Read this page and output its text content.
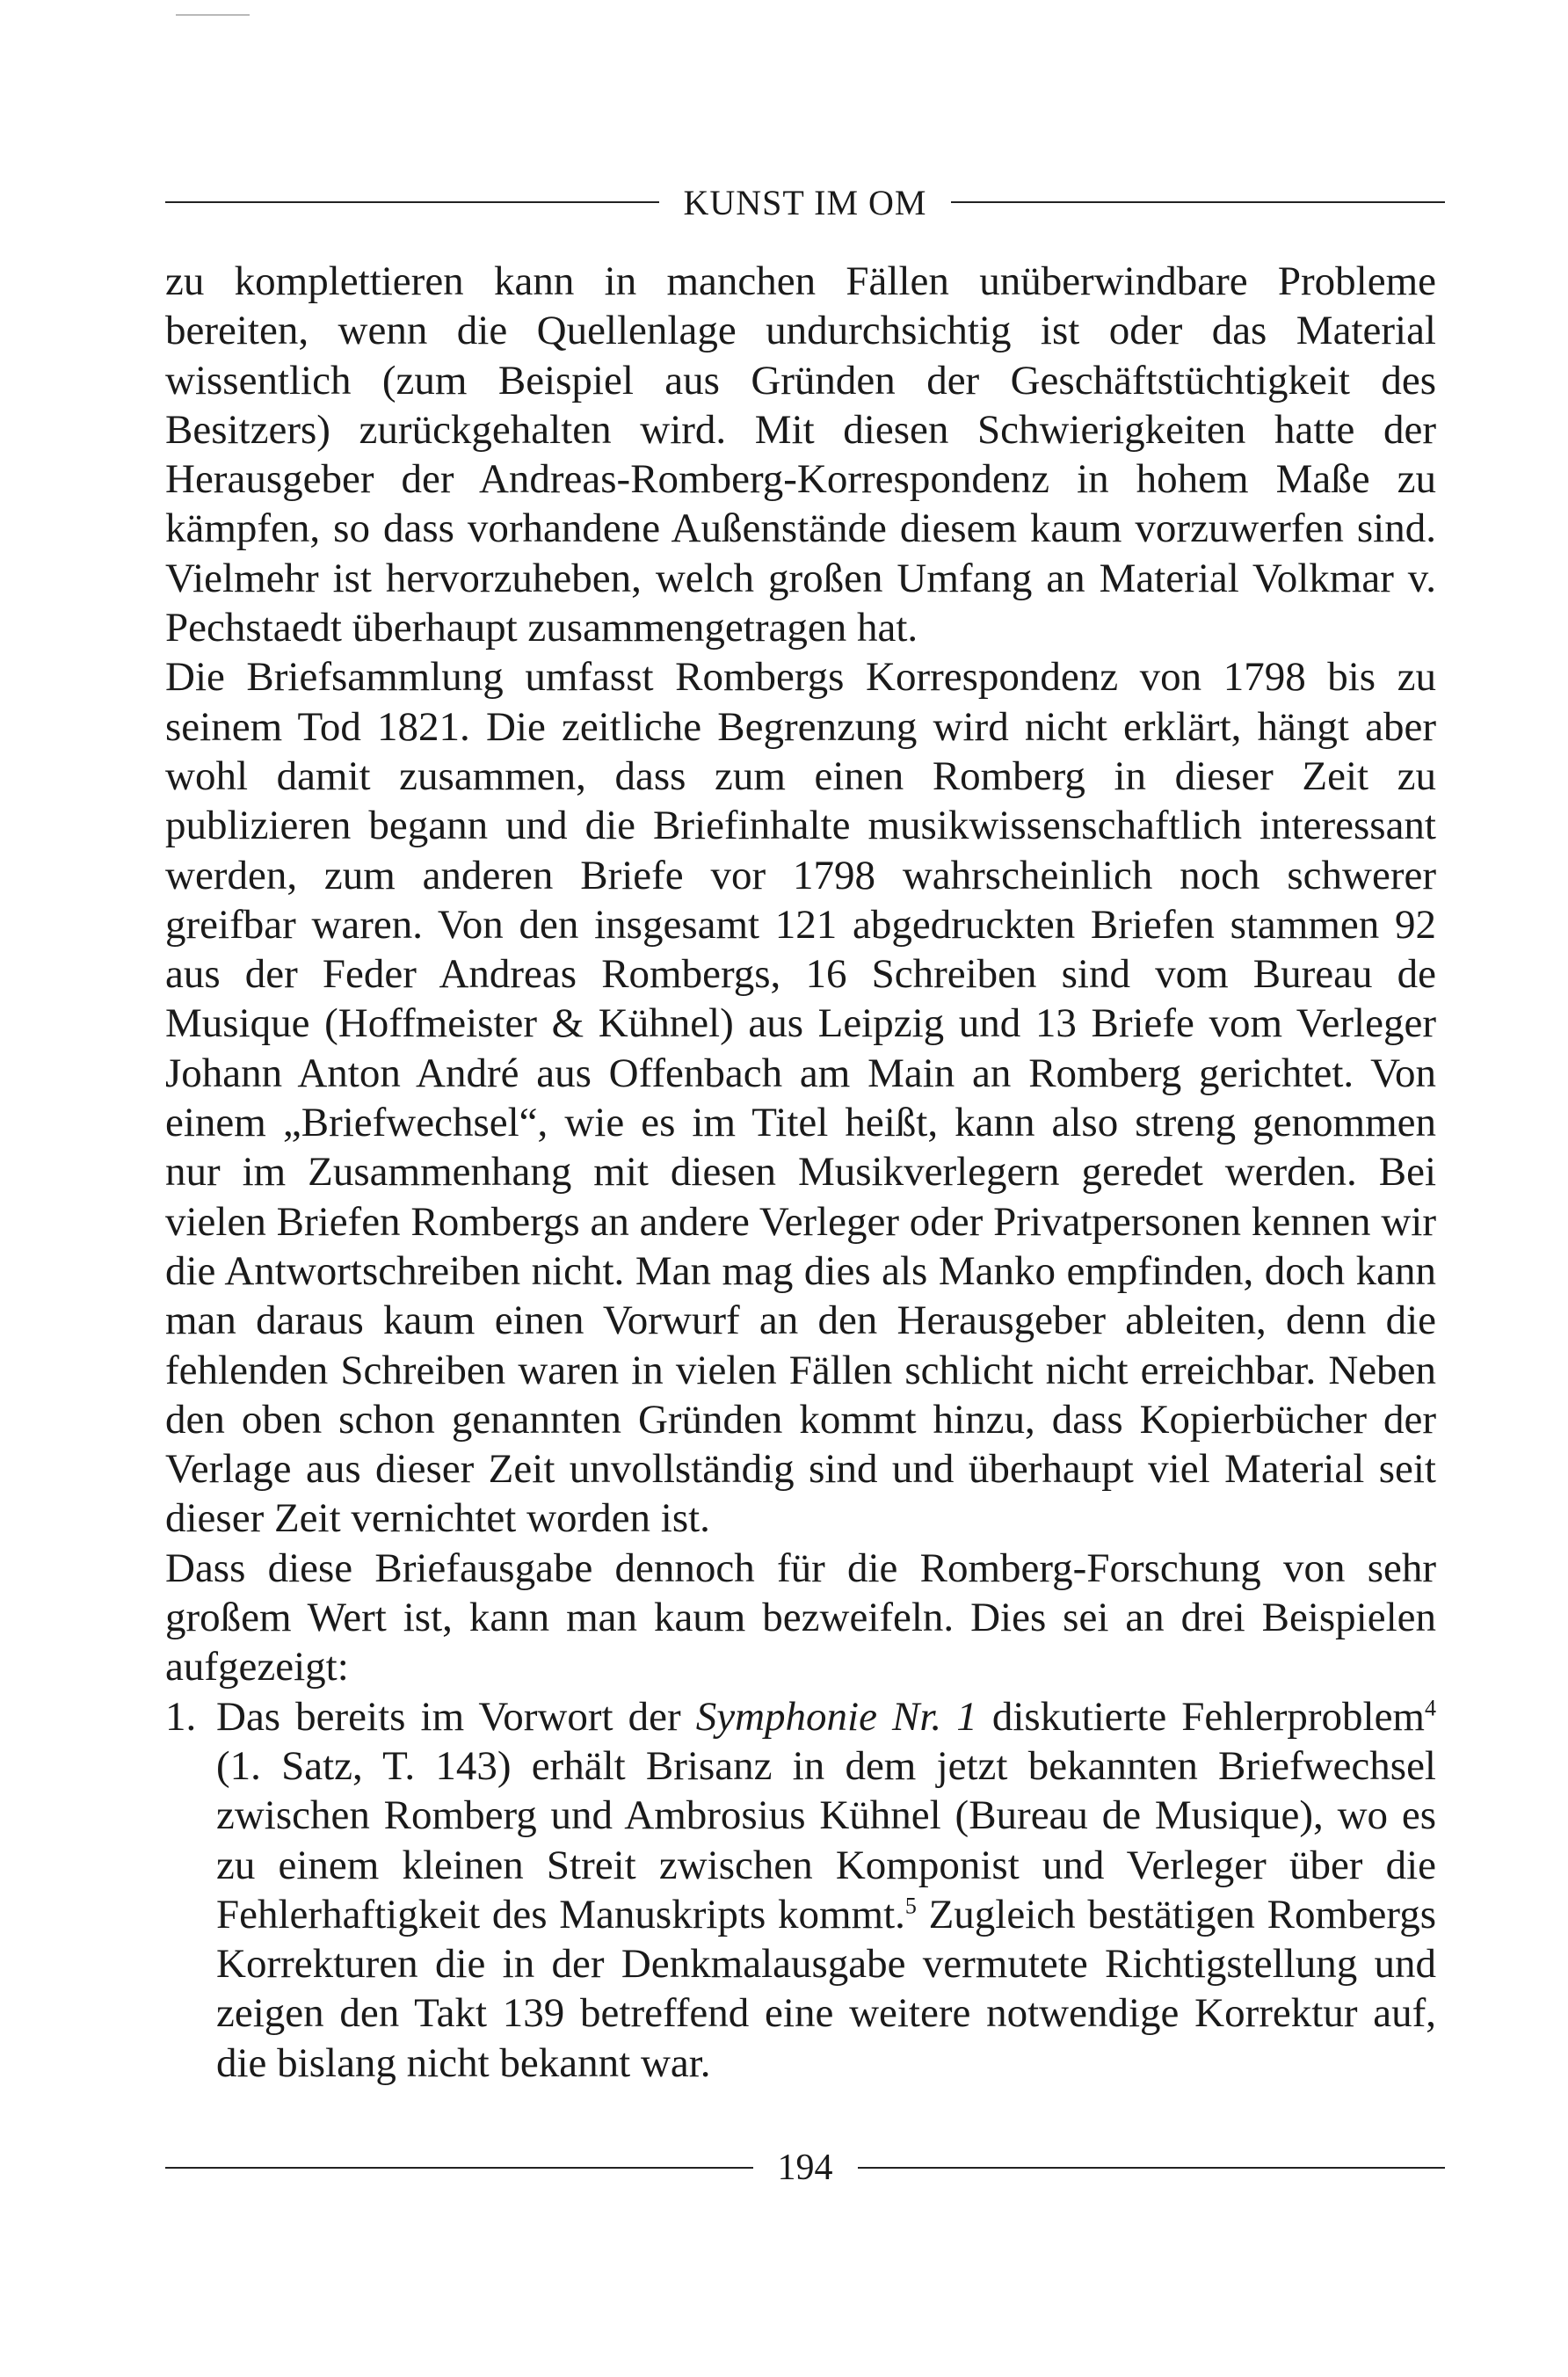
KUNST IM OM

zu komplettieren kann in manchen Fällen unüberwindbare Probleme bereiten, wenn die Quellenlage undurchsichtig ist oder das Material wissentlich (zum Beispiel aus Gründen der Geschäftstüchtigkeit des Besitzers) zurückgehalten wird. Mit diesen Schwierigkeiten hatte der Herausgeber der Andreas-Romberg-Korrespondenz in hohem Maße zu kämpfen, so dass vorhandene Außenstände diesem kaum vorzuwerfen sind. Vielmehr ist hervorzuheben, welch großen Umfang an Material Volkmar v. Pechstaedt überhaupt zusammengetragen hat.

Die Briefsammlung umfasst Rombergs Korrespondenz von 1798 bis zu seinem Tod 1821. Die zeitliche Begrenzung wird nicht erklärt, hängt aber wohl damit zusammen, dass zum einen Romberg in dieser Zeit zu publizieren begann und die Briefinhalte musikwissenschaftlich interessant werden, zum anderen Briefe vor 1798 wahrscheinlich noch schwerer greifbar waren. Von den insgesamt 121 abgedruckten Briefen stammen 92 aus der Feder Andreas Rombergs, 16 Schreiben sind vom Bureau de Musique (Hoffmeister & Kühnel) aus Leipzig und 13 Briefe vom Verleger Johann Anton André aus Offenbach am Main an Romberg gerichtet. Von einem „Briefwechsel“, wie es im Titel heißt, kann also streng genommen nur im Zusammenhang mit diesen Musikverlegern geredet werden. Bei vielen Briefen Rombergs an andere Verleger oder Privatpersonen kennen wir die Antwortschreiben nicht. Man mag dies als Manko empfinden, doch kann man daraus kaum einen Vorwurf an den Herausgeber ableiten, denn die fehlenden Schreiben waren in vielen Fällen schlicht nicht erreichbar. Neben den oben schon genannten Gründen kommt hinzu, dass Kopierbücher der Verlage aus dieser Zeit unvollständig sind und überhaupt viel Material seit dieser Zeit vernichtet worden ist.

Dass diese Briefausgabe dennoch für die Romberg-Forschung von sehr großem Wert ist, kann man kaum bezweifeln. Dies sei an drei Beispielen aufgezeigt:

1. Das bereits im Vorwort der Symphonie Nr. 1 diskutierte Fehlerproblem$^4$ (1. Satz, T. 143) erhält Brisanz in dem jetzt bekannten Briefwechsel zwischen Romberg und Ambrosius Kühnel (Bureau de Musique), wo es zu einem kleinen Streit zwischen Komponist und Verleger über die Fehlerhaftigkeit des Manuskripts kommt.$^5$ Zugleich bestätigen Rombergs Korrekturen die in der Denkmalausgabe vermutete Richtigstellung und zeigen den Takt 139 betreffend eine weitere notwendige Korrektur auf, die bislang nicht bekannt war.

194
